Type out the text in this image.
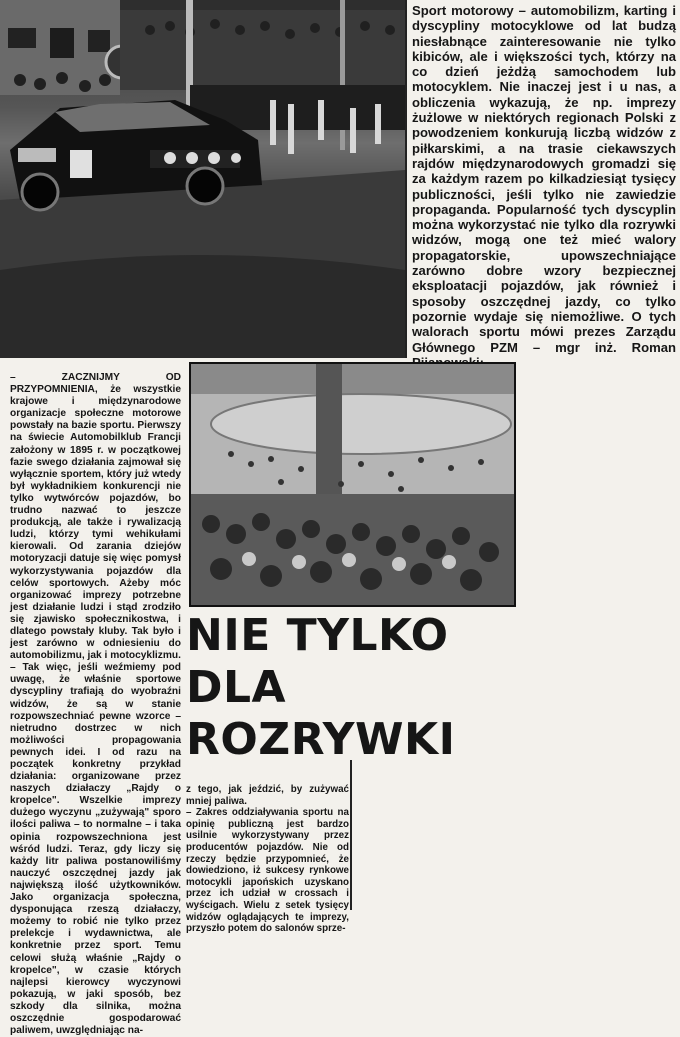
Sport motorowy – automobilizm, karting i dyscypliny motocyklowe od lat budzą niesłabnące zainteresowanie nie tylko kibiców, ale i większości tych, którzy na co dzień jeżdżą samochodem lub motocyklem. Nie inaczej jest i u nas, a obliczenia wykazują, że np. imprezy żużlowe w niektórych regionach Polski z powodzeniem konkurują liczbą widzów z piłkarskimi, a na trasie ciekawszych rajdów międzynarodowych gromadzi się za każdym razem po kilkadziesiąt tysięcy publiczności, jeśli tylko nie zawiedzie propaganda. Popularność tych dyscyplin można wykorzystać nie tylko dla rozrywki widzów, mogą one też mieć walory propagatorskie, upowszechniające zarówno dobre wzory bezpiecznej eksploatacji pojazdów, jak również i sposoby oszczędnej jazdy, co tylko pozornie wydaje się niemożliwe. O tych walorach sportu mówi prezes Zarządu Głównego PZM – mgr inż. Roman

– ZACZNIJMY OD PRZYPOMNIENIA, że wszystkie krajowe i międzynarodowe organizacje społeczne motorowe powstały na bazie sportu. Pierwszy na świecie Automobilklub Francji założony w 1895 r. w początkowej fazie swego działania zajmował się wyłącznie sportem, który już wtedy był wykładnikiem konkurencji nie tylko wytwórców pojazdów, bo trudno nazwać to jeszcze produkcją, ale także i rywalizacją ludzi, którzy tymi wehikułami kierowali. Od zarania dziejów motoryzacji datuje się więc pomysł wykorzystywania pojazdów dla celów sportowych. Ażeby móc organizować imprezy potrzebne jest działanie ludzi i stąd zrodziło się zjawisko społecznikostwa, i dlatego powstały kluby. Tak było i jest zarówno w odniesieniu do automobilizmu, jak i motocyklizmu.

– Tak więc, jeśli weźmiemy pod uwagę, że właśnie sportowe dyscypliny trafiają do wyobraźni widzów, że są w stanie rozpowszechniać pewne wzorce – nietrudno dostrzec w nich możliwości propagowania pewnych idei. I od razu na początek konkretny przykład działania: organizowane przez naszych działaczy „Rajdy o kropelce". Wszelkie imprezy dużego wyczynu „zużywają" sporo ilości paliwa – to normalne – i taka opinia rozpowszechniona jest wśród ludzi. Teraz, gdy liczy się każdy litr paliwa postanowiliśmy nauczyć oszczędnej jazdy jak największą ilość użytkowników. Jako organizacja społeczna, dysponująca rzeszą działaczy, możemy to robić nie tylko przez prelekcje i wydawnictwa, ale konkretnie przez sport. Temu celowi służą właśnie „Rajdy o kropelce", w czasie których najlepsi kierowcy wyczynowi pokazują, w jaki sposób, bez szkody dla silnika, można oszczędnie gospodarować paliwem, uwzględniając na-

NIE TYLKO
DLA
ROZRYWKI

z tego, jak jeździć, by zużywać mniej paliwa.

– Zakres oddziaływania sportu na opinię publiczną jest bardzo usilnie wykorzystywany przez producentów pojazdów. Nie od rzeczy będzie przypomnieć, że dowiedziono, iż sukcesy rynkowe motocykli japońskich uzyskano przez ich udział w crossach i wyścigach. Wielu z setek tysięcy widzów oglądających te imprezy, przyszło potem do salonów sprze-
